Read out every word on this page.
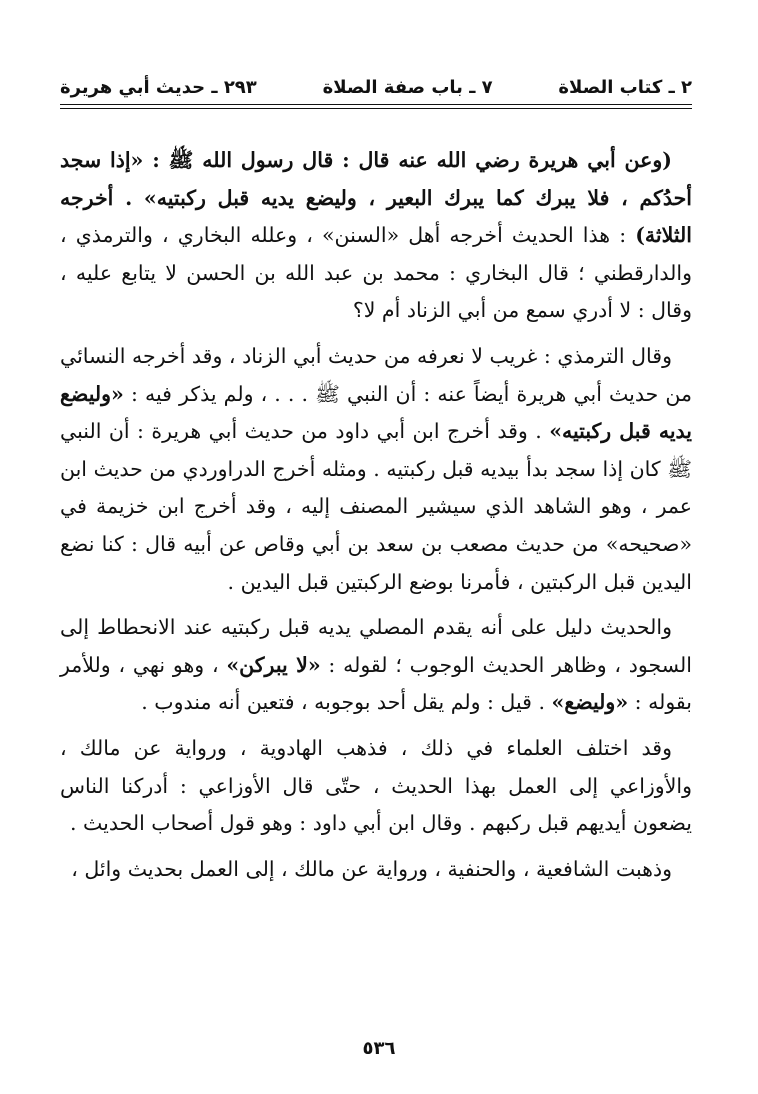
٢ ـ كتاب الصلاة
٧ ـ باب صفة الصلاة
٢٩٣ ـ حديث أبي هريرة

(وعن أبي هريرة رضي الله عنه قال : قال رسول الله ﷺ : «إذا سجد أحدُكم ، فلا يبرك كما يبرك البعير ، وليضع يديه قبل ركبتيه» . أخرجه الثلاثة) : هذا الحديث أخرجه أهل «السنن» ، وعلله البخاري ، والترمذي ، والدارقطني ؛ قال البخاري : محمد بن عبد الله بن الحسن لا يتابع عليه ، وقال : لا أدري سمع من أبي الزناد أم لا؟

وقال الترمذي : غريب لا نعرفه من حديث أبي الزناد ، وقد أخرجه النسائي من حديث أبي هريرة أيضاً عنه : أن النبي ﷺ . . . ، ولم يذكر فيه : «وليضع يديه قبل ركبتيه» . وقد أخرج ابن أبي داود من حديث أبي هريرة : أن النبي ﷺ كان إذا سجد بدأ بيديه قبل ركبتيه . ومثله أخرج الدراوردي من حديث ابن عمر ، وهو الشاهد الذي سيشير المصنف إليه ، وقد أخرج ابن خزيمة في «صحيحه» من حديث مصعب بن سعد بن أبي وقاص عن أبيه قال : كنا نضع اليدين قبل الركبتين ، فأمرنا بوضع الركبتين قبل اليدين .

والحديث دليل على أنه يقدم المصلي يديه قبل ركبتيه عند الانحطاط إلى السجود ، وظاهر الحديث الوجوب ؛ لقوله : «لا يبركن» ، وهو نهي ، وللأمر بقوله : «وليضع» . قيل : ولم يقل أحد بوجوبه ، فتعين أنه مندوب .

وقد اختلف العلماء في ذلك ، فذهب الهادوية ، ورواية عن مالك ، والأوزاعي إلى العمل بهذا الحديث ، حتّى قال الأوزاعي : أدركنا الناس يضعون أيديهم قبل ركبهم . وقال ابن أبي داود : وهو قول أصحاب الحديث .

وذهبت الشافعية ، والحنفية ، ورواية عن مالك ، إلى العمل بحديث وائل ،

٥٣٦
